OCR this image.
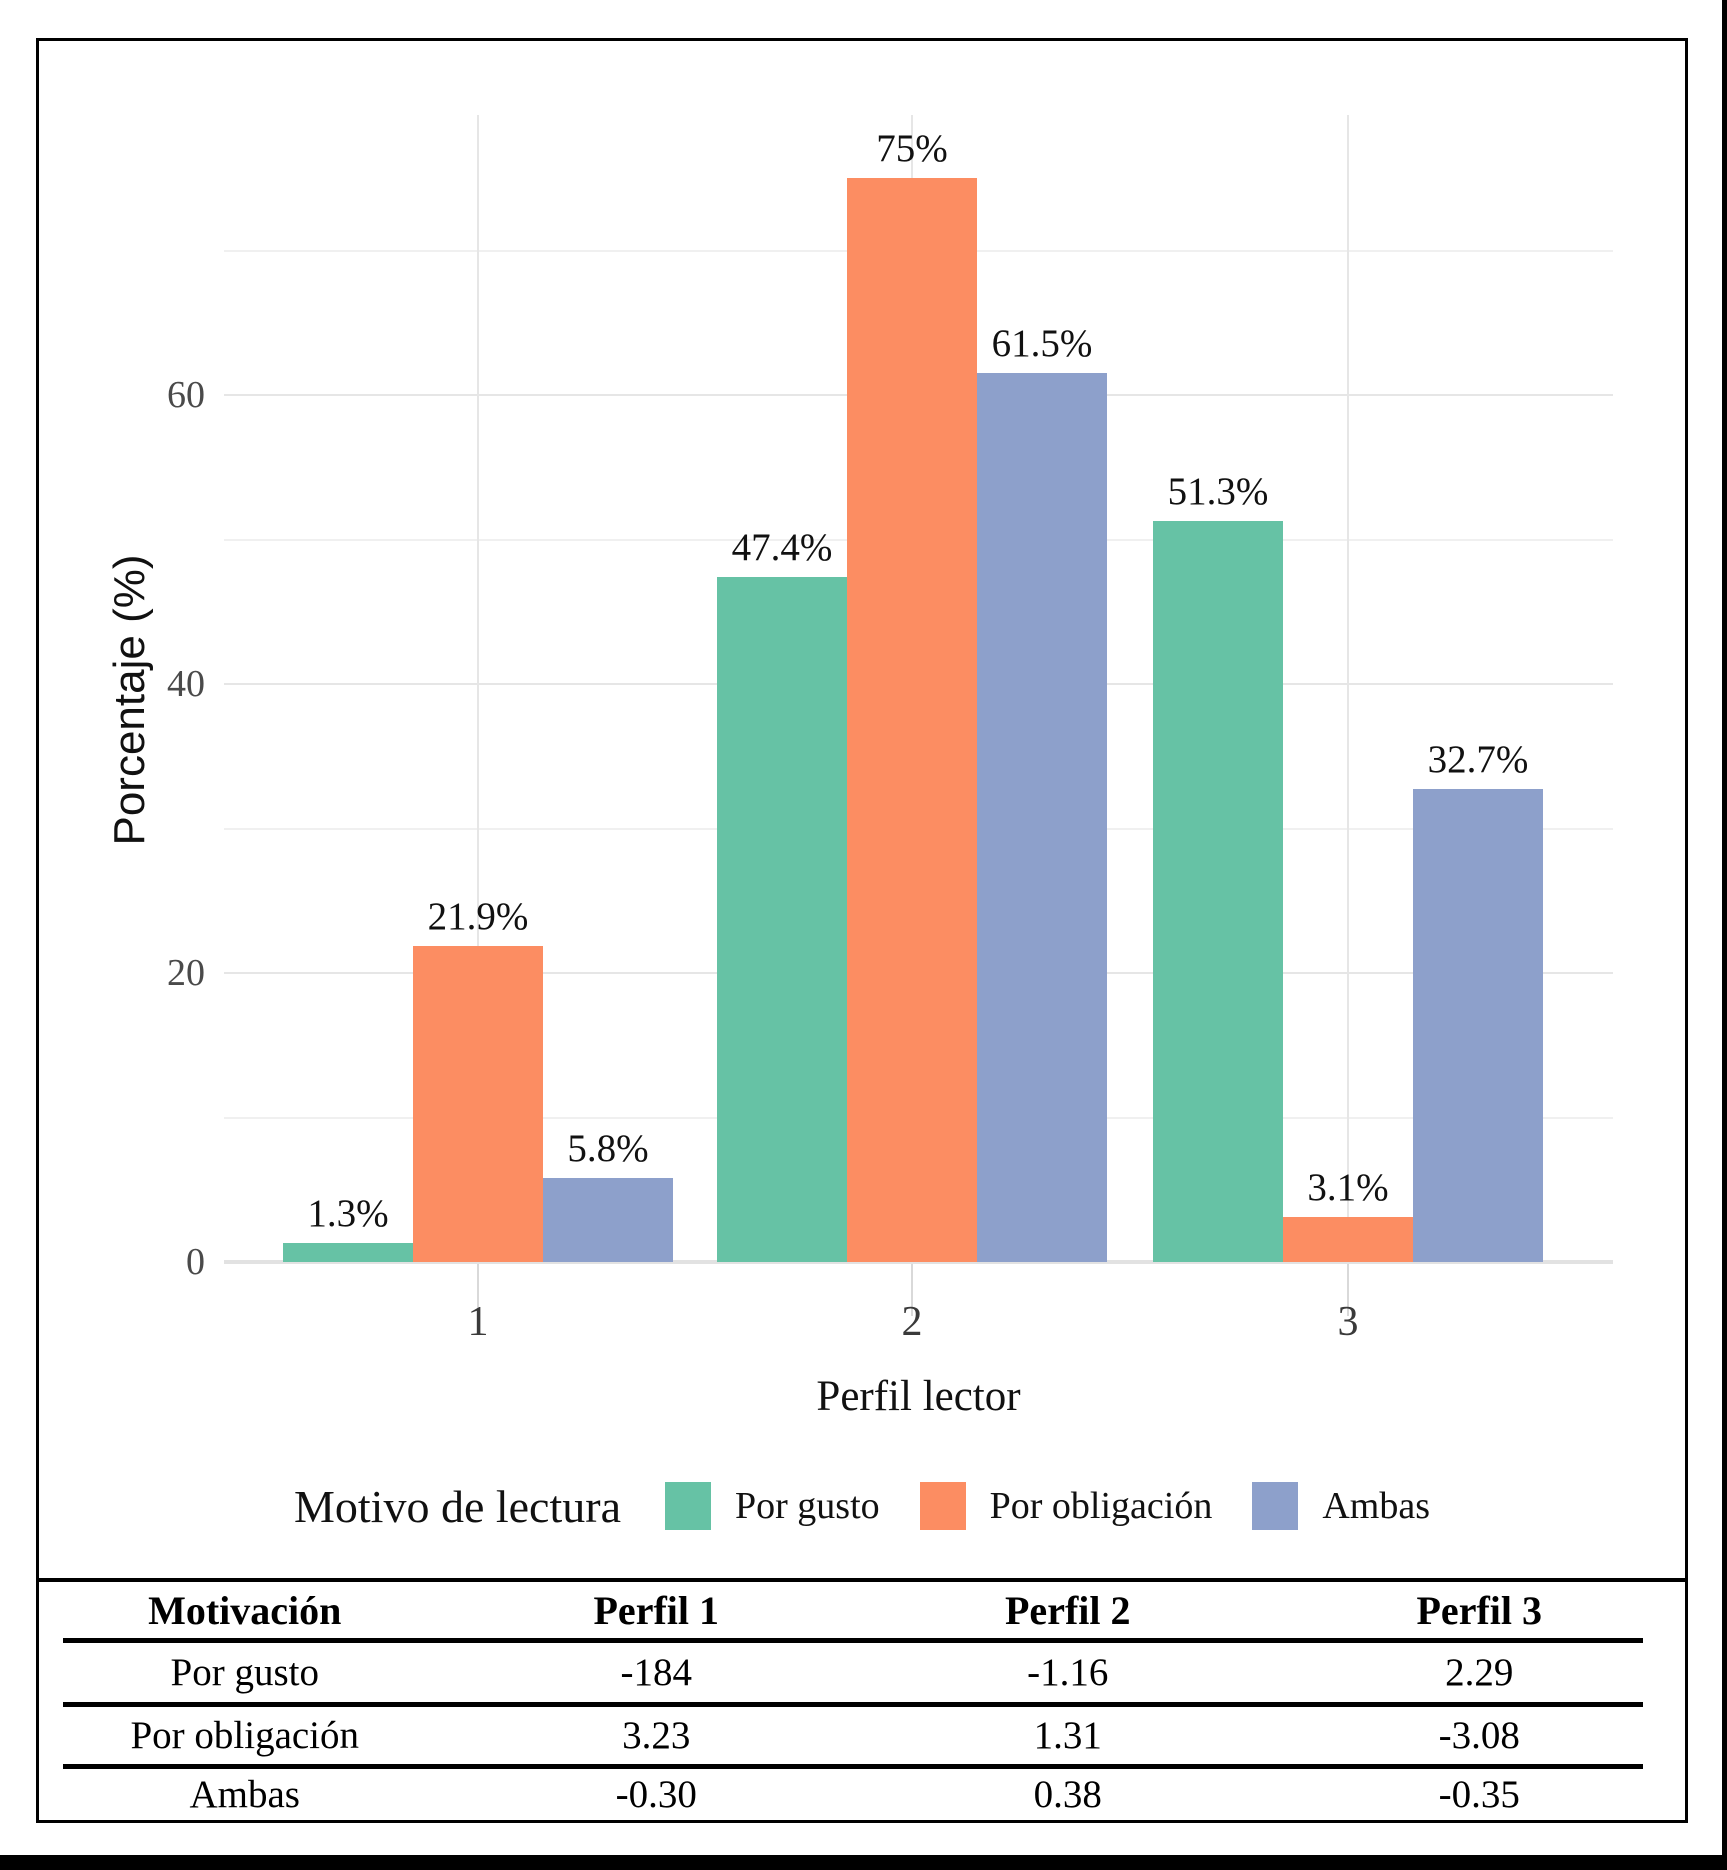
0
20
40
60
1	2	3
1.3%
47.4%
51.3%
21.9%
75%
3.1%
5.8%
61.5%
32.7%
Porcentaje (%)
Perfil lector
Motivo de lectura	Por gusto	Por obligación	Ambas
Motivación	Perfil 1	Perfil 2	Perfil 3
Por gusto	-184	-1.16	2.29
Por obligación	3.23	1.31	-3.08
Ambas	-0.30	0.38	-0.35
